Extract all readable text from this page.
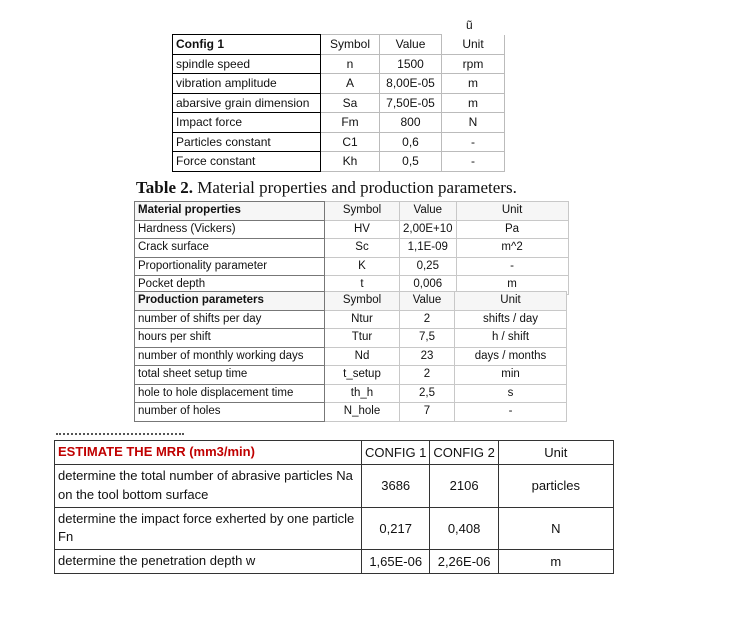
ũ
Config 1	Symbol	Value	Unit
spindle speed	n	1500	rpm
vibration amplitude	A	8,00E-05	m
abarsive grain dimension	Sa	7,50E-05	m
Impact force	Fm	800	N
Particles constant	C1	0,6	-
Force constant	Kh	0,5	-
Table 2. Material properties and production parameters.
Material properties	Symbol	Value	Unit
Hardness (Vickers)	HV	2,00E+10	Pa
Crack surface	Sc	1,1E-09	m^2
Proportionality parameter	K	0,25	-
Pocket depth	t	0,006	m
Production parameters	Symbol	Value	Unit
number of shifts per day	Ntur	2	shifts / day
hours per shift	Ttur	7,5	h / shift
number of monthly working days	Nd	23	days / months
total sheet setup time	t_setup	2	min
hole to hole displacement time	th_h	2,5	s
number of holes	N_hole	7	-
ESTIMATE THE MRR (mm3/min)	CONFIG 1	CONFIG 2	Unit
determine the total number of abrasive particles Na on the tool bottom surface	3686	2106	particles
determine the impact force exherted by one particle Fn	0,217	0,408	N
determine the penetration depth w	1,65E-06	2,26E-06	m
